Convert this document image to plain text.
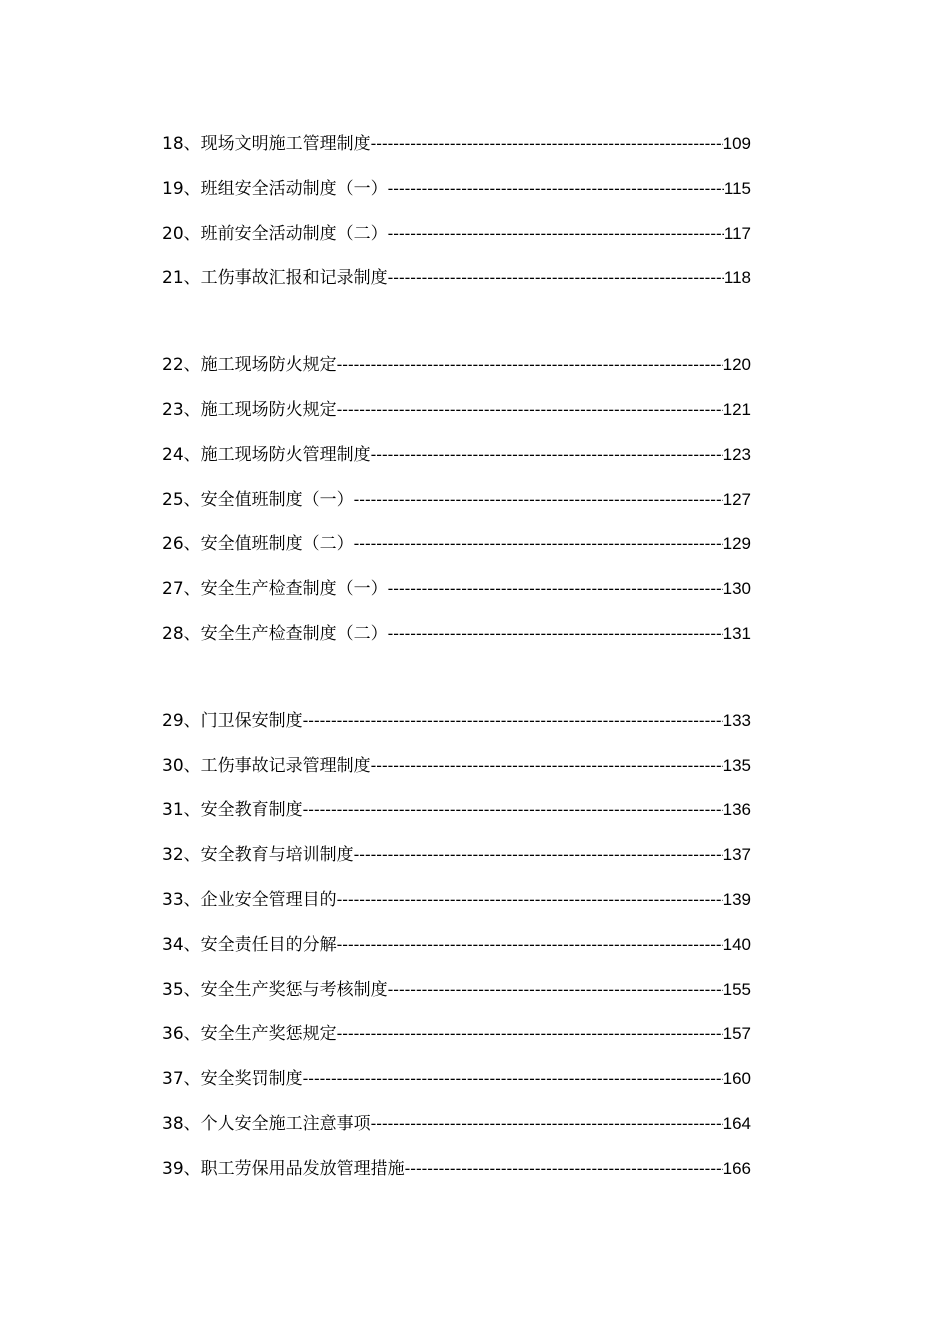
18、 现场文明施工管理制度 -----	109
19、 班组安全活动制度（一） -----	115
20、 班前安全活动制度（二） -----	117
21、 工伤事故汇报和记录制度 -----	118
22、 施工现场防火规定 -----	120
23、 施工现场防火规定 -----	121
24、 施工现场防火管理制度 -----	123
25、 安全值班制度（一） -----	127
26、 安全值班制度（二） -----	129
27、 安全生产检查制度（一） -----	130
28、 安全生产检查制度（二） -----	131
29、 门卫保安制度 -----	133
30、 工伤事故记录管理制度 -----	135
31、 安全教育制度 -----	136
32、 安全教育与培训制度 -----	137
33、 企业安全管理目的 -----	139
34、 安全责任目的分解 -----	140
35、 安全生产奖惩与考核制度 -----	155
36、 安全生产奖惩规定 -----	157
37、 安全奖罚制度 -----	160
38、 个人安全施工注意事项 -----	164
39、 职工劳保用品发放管理措施 -----	166
